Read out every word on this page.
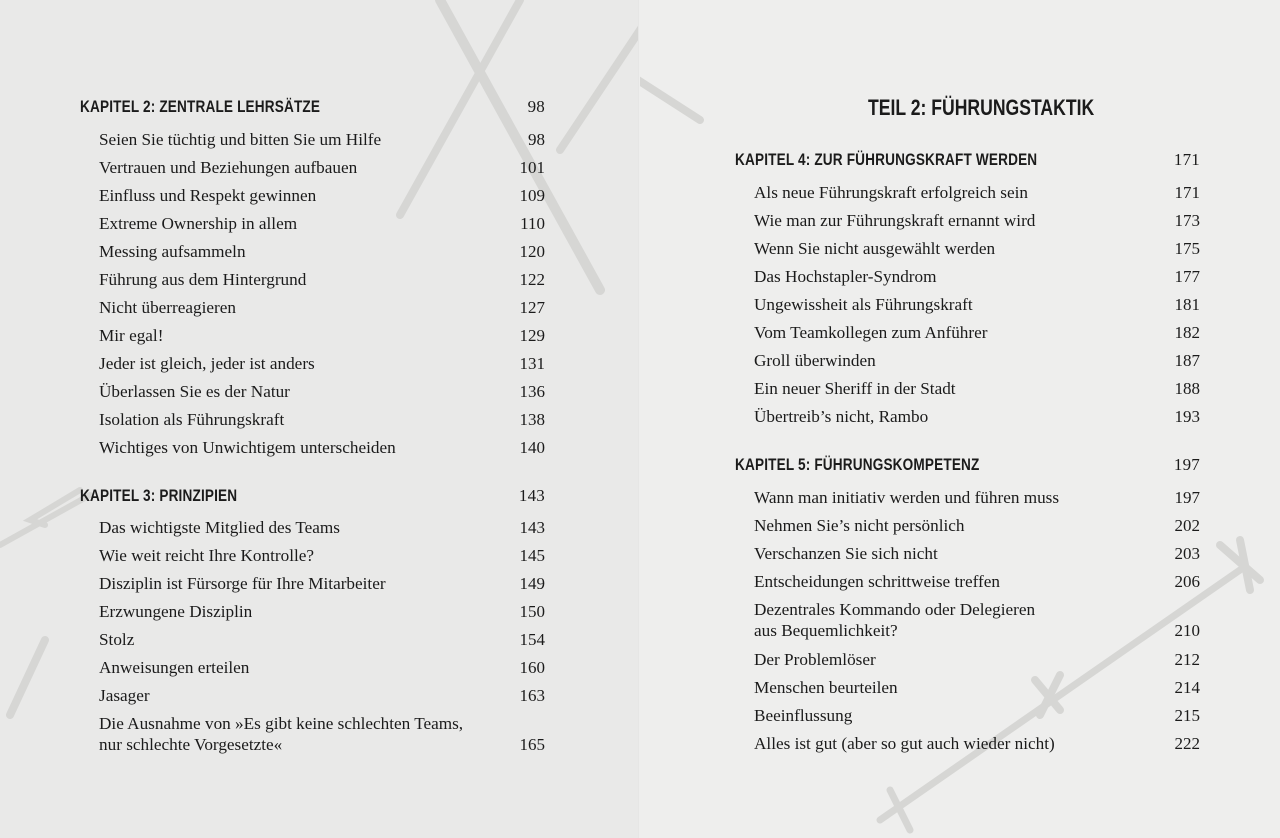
KAPITEL 2: ZENTRALE LEHRSÄTZE	98
Seien Sie tüchtig und bitten Sie um Hilfe	98
Vertrauen und Beziehungen aufbauen	101
Einfluss und Respekt gewinnen	109
Extreme Ownership in allem	110
Messing aufsammeln	120
Führung aus dem Hintergrund	122
Nicht überreagieren	127
Mir egal!	129
Jeder ist gleich, jeder ist anders	131
Überlassen Sie es der Natur	136
Isolation als Führungskraft	138
Wichtiges von Unwichtigem unterscheiden	140
KAPITEL 3: PRINZIPIEN	143
Das wichtigste Mitglied des Teams	143
Wie weit reicht Ihre Kontrolle?	145
Disziplin ist Fürsorge für Ihre Mitarbeiter	149
Erzwungene Disziplin	150
Stolz	154
Anweisungen erteilen	160
Jasager	163
Die Ausnahme von »Es gibt keine schlechten Teams,
nur schlechte Vorgesetzte«	165
TEIL 2: FÜHRUNGSTAKTIK
KAPITEL 4: ZUR FÜHRUNGSKRAFT WERDEN	171
Als neue Führungskraft erfolgreich sein	171
Wie man zur Führungskraft ernannt wird	173
Wenn Sie nicht ausgewählt werden	175
Das Hochstapler-Syndrom	177
Ungewissheit als Führungskraft	181
Vom Teamkollegen zum Anführer	182
Groll überwinden	187
Ein neuer Sheriff in der Stadt	188
Übertreib’s nicht, Rambo	193
KAPITEL 5: FÜHRUNGSKOMPETENZ	197
Wann man initiativ werden und führen muss	197
Nehmen Sie’s nicht persönlich	202
Verschanzen Sie sich nicht	203
Entscheidungen schrittweise treffen	206
Dezentrales Kommando oder Delegieren
aus Bequemlichkeit?	210
Der Problemlöser	212
Menschen beurteilen	214
Beeinflussung	215
Alles ist gut (aber so gut auch wieder nicht)	222
